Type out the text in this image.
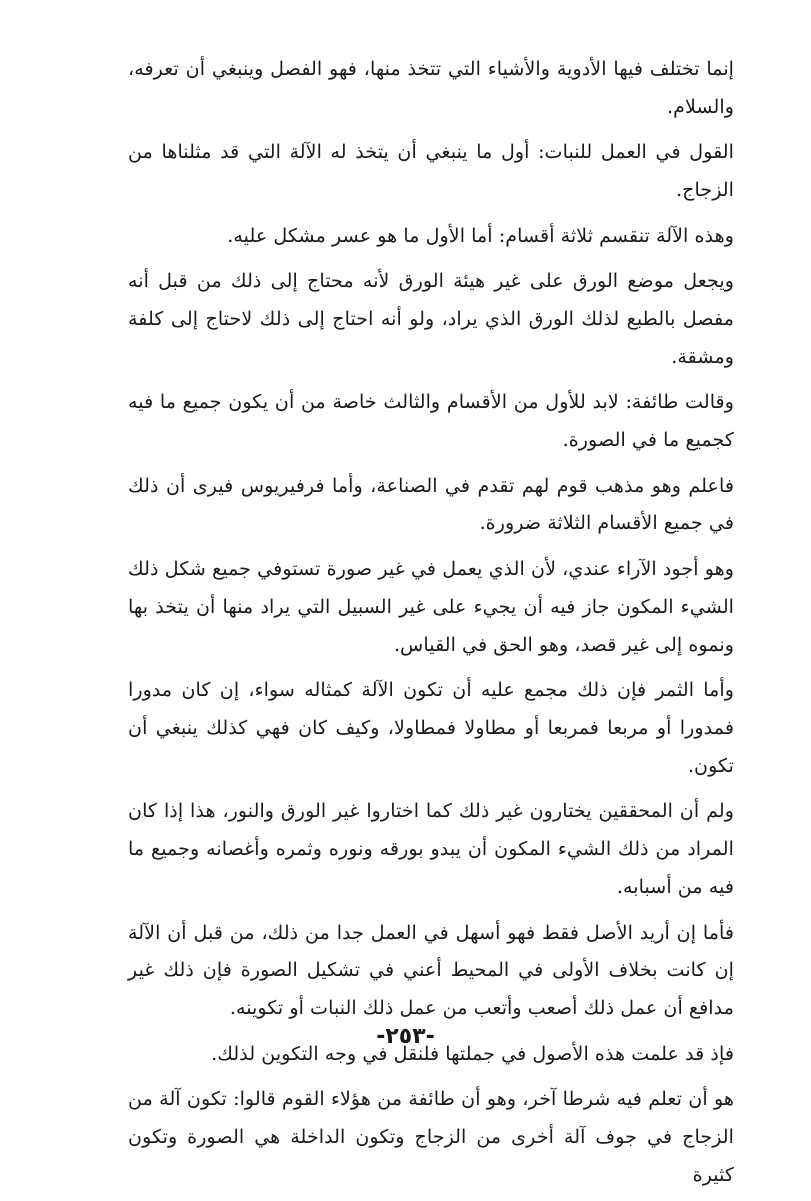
إنما تختلف فيها الأدوية والأشياء التي تتخذ منها، فهو الفصل وينبغي أن تعرفه، والسلام.

القول في العمل للنبات: أول ما ينبغي أن يتخذ له الآلة التي قد مثلناها من الزجاج.

وهذه الآلة تنقسم ثلاثة أقسام: أما الأول ما هو عسر مشكل عليه.

ويجعل موضع الورق على غير هيئة الورق لأنه محتاج إلى ذلك من قبل أنه مفصل بالطبع لذلك الورق الذي يراد، ولو أنه احتاج إلى ذلك لاحتاج إلى كلفة ومشقة.

وقالت طائفة: لابد للأول من الأقسام والثالث خاصة من أن يكون جميع ما فيه كجميع ما في الصورة.

فاعلم وهو مذهب قوم لهم تقدم في الصناعة، وأما فرفيريوس فيرى أن ذلك في جميع الأقسام الثلاثة ضرورة.

وهو أجود الآراء عندي، لأن الذي يعمل في غير صورة تستوفي جميع شكل ذلك الشيء المكون جاز فيه أن يجيء على غير السبيل التي يراد منها أن يتخذ بها ونموه إلى غير قصد، وهو الحق في القياس.

وأما الثمر فإن ذلك مجمع عليه أن تكون الآلة كمثاله سواء، إن كان مدورا فمدورا أو مربعا فمربعا أو مطاولا فمطاولا، وكيف كان فهي كذلك ينبغي أن تكون.

ولم أن المحققين يختارون غير ذلك كما اختاروا غير الورق والنور، هذا إذا كان المراد من ذلك الشيء المكون أن يبدو بورقه ونوره وثمره وأغصانه وجميع ما فيه من أسبابه.

فأما إن أريد الأصل فقط فهو أسهل في العمل جدا من ذلك، من قبل أن الآلة إن كانت بخلاف الأولى في المحيط أعني في تشكيل الصورة فإن ذلك غير مدافع أن عمل ذلك أصعب وأتعب من عمل ذلك النبات أو تكوينه.

فإذ قد علمت هذه الأصول في جملتها فلنقل في وجه التكوين لذلك.

هو أن تعلم فيه شرطا آخر، وهو أن طائفة من هؤلاء القوم قالوا: تكون آلة من الزجاج في جوف آلة أخرى من الزجاج وتكون الداخلة هي الصورة وتكون كثيرة

-٢٥٣-
